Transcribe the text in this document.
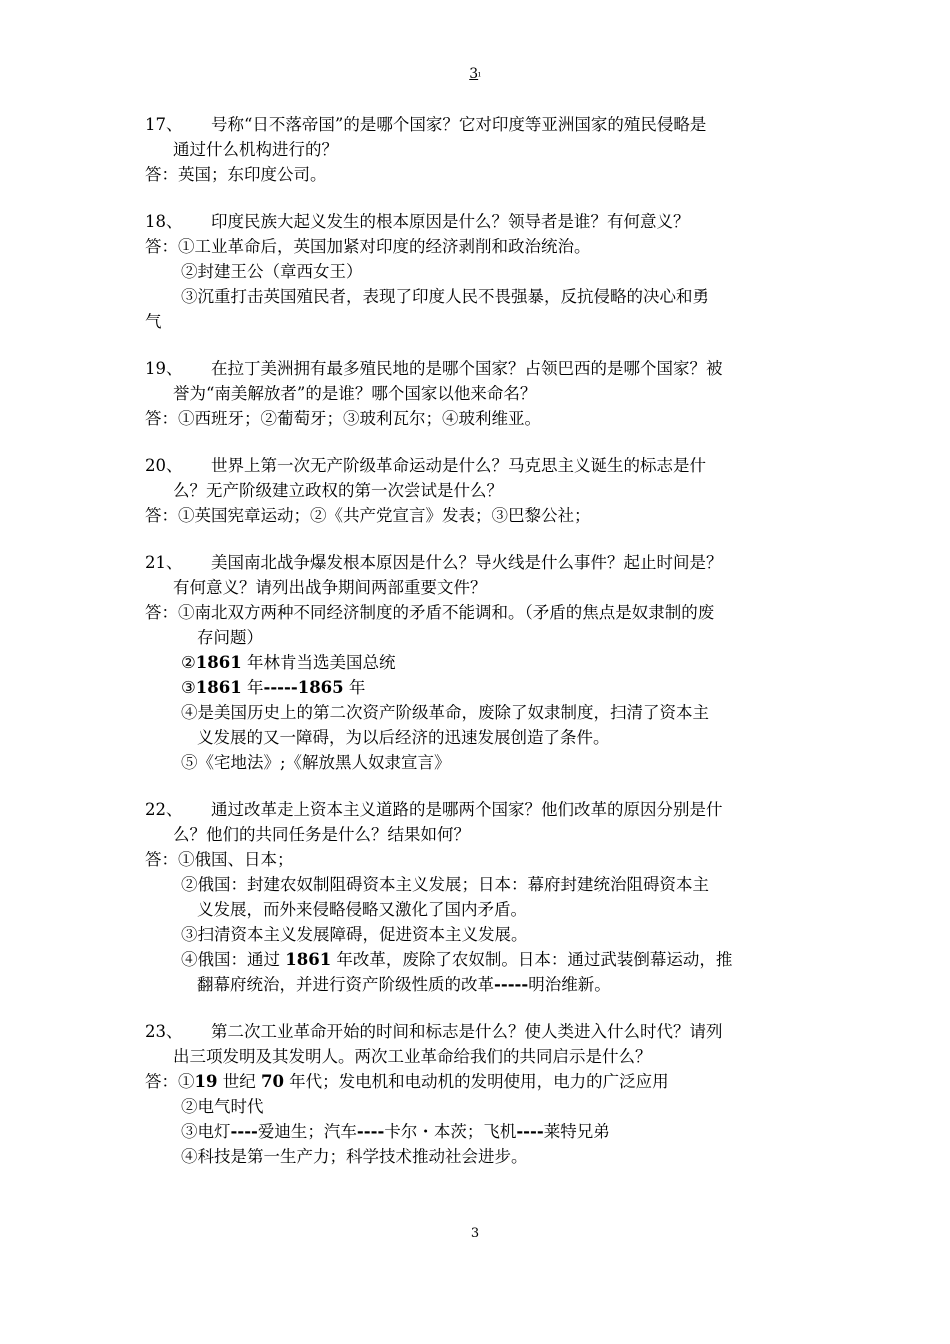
3ı
17、 号称“日不落帝国”的是哪个国家？它对印度等亚洲国家的殖民侵略是
通过什么机构进行的？
答：英国；东印度公司。
18、 印度民族大起义发生的根本原因是什么？领导者是谁？有何意义？
答：①工业革命后，英国加紧对印度的经济剥削和政治统治。
②封建王公（章西女王）
③沉重打击英国殖民者，表现了印度人民不畏强暴，反抗侵略的决心和勇
气
19、 在拉丁美洲拥有最多殖民地的是哪个国家？占领巴西的是哪个国家？被
誉为“南美解放者”的是谁？哪个国家以他来命名？
答：①西班牙；②葡萄牙；③玻利瓦尔；④玻利维亚。
20、 世界上第一次无产阶级革命运动是什么？马克思主义诞生的标志是什
么？无产阶级建立政权的第一次尝试是什么？
答：①英国宪章运动；②《共产党宣言》发表；③巴黎公社；
21、 美国南北战争爆发根本原因是什么？导火线是什么事件？起止时间是？
有何意义？请列出战争期间两部重要文件？
答：①南北双方两种不同经济制度的矛盾不能调和。（矛盾的焦点是奴隶制的废
存问题）
②1861 年林肯当选美国总统
③1861 年-----1865 年
④是美国历史上的第二次资产阶级革命，废除了奴隶制度，扫清了资本主
义发展的又一障碍，为以后经济的迅速发展创造了条件。
⑤《宅地法》;《解放黑人奴隶宣言》
22、 通过改革走上资本主义道路的是哪两个国家？他们改革的原因分别是什
么？他们的共同任务是什么？结果如何？
答：①俄国、日本；
②俄国：封建农奴制阻碍资本主义发展；日本：幕府封建统治阻碍资本主
义发展，而外来侵略侵略又激化了国内矛盾。
③扫清资本主义发展障碍，促进资本主义发展。
④俄国：通过 1861 年改革，废除了农奴制。日本：通过武装倒幕运动，推
翻幕府统治，并进行资产阶级性质的改革-----明治维新。
23、 第二次工业革命开始的时间和标志是什么？使人类进入什么时代？请列
出三项发明及其发明人。两次工业革命给我们的共同启示是什么？
答：①19 世纪 70 年代；发电机和电动机的发明使用，电力的广泛应用
②电气时代
③电灯----爱迪生；汽车----卡尔・本茨；飞机----莱特兄弟
④科技是第一生产力；科学技术推动社会进步。
3
